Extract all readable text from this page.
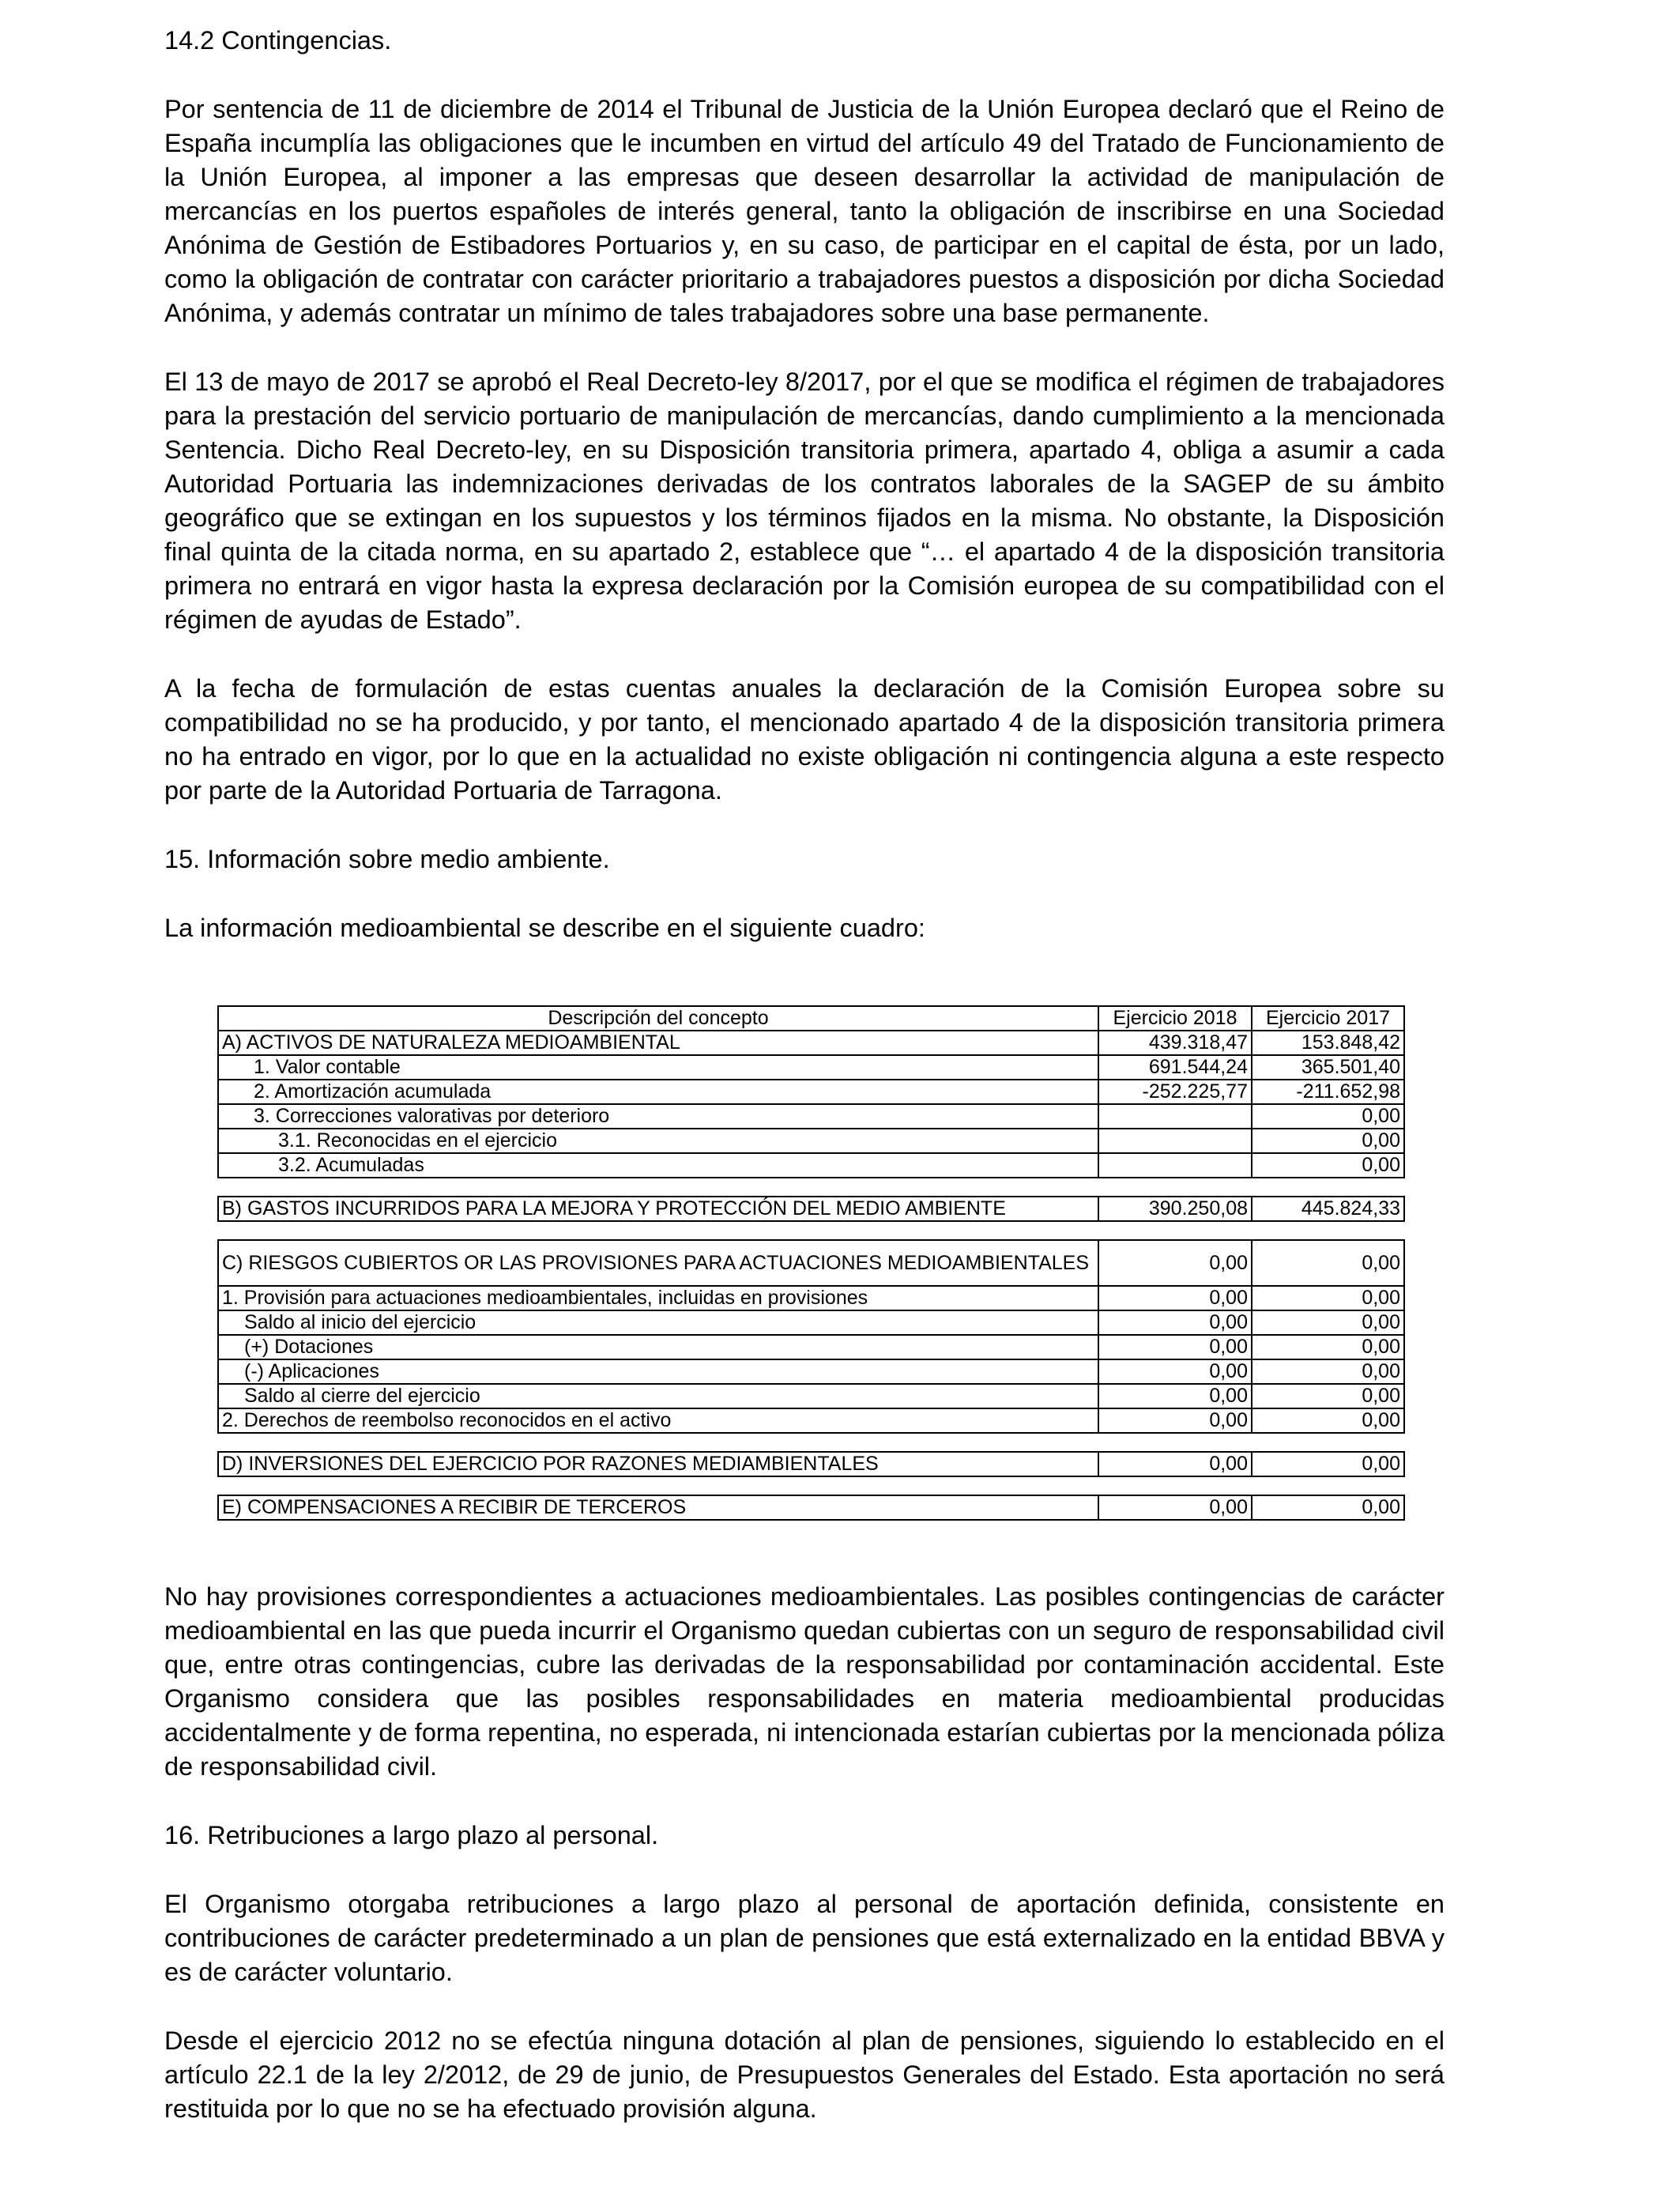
14.2 Contingencias.

Por sentencia de 11 de diciembre de 2014 el Tribunal de Justicia de la Unión Europea declaró que el Reino de España incumplía las obligaciones que le incumben en virtud del artículo 49 del Tratado de Funcionamiento de la Unión Europea, al imponer a las empresas que deseen desarrollar la actividad de manipulación de mercancías en los puertos españoles de interés general, tanto la obligación de inscribirse en una Sociedad Anónima de Gestión de Estibadores Portuarios y, en su caso, de participar en el capital de ésta, por un lado, como la obligación de contratar con carácter prioritario a trabajadores puestos a disposición por dicha Sociedad Anónima, y además contratar un mínimo de tales trabajadores sobre una base permanente.

El 13 de mayo de 2017 se aprobó el Real Decreto-ley 8/2017, por el que se modifica el régimen de trabajadores para la prestación del servicio portuario de manipulación de mercancías, dando cumplimiento a la mencionada Sentencia. Dicho Real Decreto-ley, en su Disposición transitoria primera, apartado 4, obliga a asumir a cada Autoridad Portuaria las indemnizaciones derivadas de los contratos laborales de la SAGEP de su ámbito geográfico que se extingan en los supuestos y los términos fijados en la misma. No obstante, la Disposición final quinta de la citada norma, en su apartado 2, establece que “… el apartado 4 de la disposición transitoria primera no entrará en vigor hasta la expresa declaración por la Comisión europea de su compatibilidad con el régimen de ayudas de Estado”.

A la fecha de formulación de estas cuentas anuales la declaración de la Comisión Europea sobre su compatibilidad no se ha producido, y por tanto, el mencionado apartado 4 de la disposición transitoria primera no ha entrado en vigor, por lo que en la actualidad no existe obligación ni contingencia alguna a este respecto por parte de la Autoridad Portuaria de Tarragona.

15. Información sobre medio ambiente.

La información medioambiental se describe en el siguiente cuadro:

Descripción del concepto	Ejercicio 2018	Ejercicio 2017
A) ACTIVOS DE NATURALEZA MEDIOAMBIENTAL	439.318,47	153.848,42
1. Valor contable	691.544,24	365.501,40
2. Amortización acumulada	-252.225,77	-211.652,98
3. Correcciones valorativas por deterioro		0,00
3.1. Reconocidas en el ejercicio		0,00
3.2. Acumuladas		0,00

B) GASTOS INCURRIDOS PARA LA MEJORA Y PROTECCIÓN DEL MEDIO AMBIENTE	390.250,08	445.824,33

C) RIESGOS CUBIERTOS OR LAS PROVISIONES PARA ACTUACIONES MEDIOAMBIENTALES	0,00	0,00
1. Provisión para actuaciones medioambientales, incluidas en provisiones	0,00	0,00
Saldo al inicio del ejercicio	0,00	0,00
(+) Dotaciones	0,00	0,00
(-) Aplicaciones	0,00	0,00
Saldo al cierre del ejercicio	0,00	0,00
2. Derechos de reembolso reconocidos en el activo	0,00	0,00

D) INVERSIONES DEL EJERCICIO POR RAZONES MEDIAMBIENTALES	0,00	0,00

E) COMPENSACIONES A RECIBIR DE TERCEROS	0,00	0,00

No hay provisiones correspondientes a actuaciones medioambientales. Las posibles contingencias de carácter medioambiental en las que pueda incurrir el Organismo quedan cubiertas con un seguro de responsabilidad civil que, entre otras contingencias, cubre las derivadas de la responsabilidad por contaminación accidental. Este Organismo considera que las posibles responsabilidades en materia medioambiental producidas accidentalmente y de forma repentina, no esperada, ni intencionada estarían cubiertas por la mencionada póliza de responsabilidad civil.

16. Retribuciones a largo plazo al personal.

El Organismo otorgaba retribuciones a largo plazo al personal de aportación definida, consistente en contribuciones de carácter predeterminado a un plan de pensiones que está externalizado en la entidad BBVA y es de carácter voluntario.

Desde el ejercicio 2012 no se efectúa ninguna dotación al plan de pensiones, siguiendo lo establecido en el artículo 22.1 de la ley 2/2012, de 29 de junio, de Presupuestos Generales del Estado. Esta aportación no será restituida por lo que no se ha efectuado provisión alguna.
